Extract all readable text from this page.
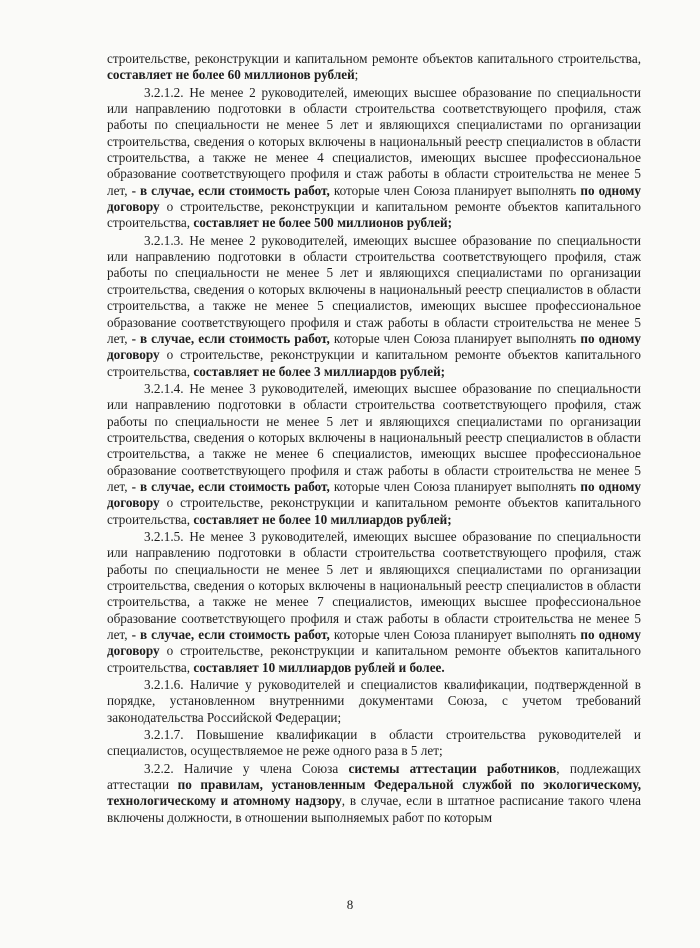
строительстве, реконструкции и капитальном ремонте объектов капитального строительства, составляет не более 60 миллионов рублей;

3.2.1.2. Не менее 2 руководителей, имеющих высшее образование по специальности или направлению подготовки в области строительства соответствующего профиля, стаж работы по специальности не менее 5 лет и являющихся специалистами по организации строительства, сведения о которых включены в национальный реестр специалистов в области строительства, а также не менее 4 специалистов, имеющих высшее профессиональное образование соответствующего профиля и стаж работы в области строительства не менее 5 лет, - в случае, если стоимость работ, которые член Союза планирует выполнять по одному договору о строительстве, реконструкции и капитальном ремонте объектов капитального строительства, составляет не более 500 миллионов рублей;

3.2.1.3. Не менее 2 руководителей, имеющих высшее образование по специальности или направлению подготовки в области строительства соответствующего профиля, стаж работы по специальности не менее 5 лет и являющихся специалистами по организации строительства, сведения о которых включены в национальный реестр специалистов в области строительства, а также не менее 5 специалистов, имеющих высшее профессиональное образование соответствующего профиля и стаж работы в области строительства не менее 5 лет, - в случае, если стоимость работ, которые член Союза планирует выполнять по одному договору о строительстве, реконструкции и капитальном ремонте объектов капитального строительства, составляет не более 3 миллиардов рублей;

3.2.1.4. Не менее 3 руководителей, имеющих высшее образование по специальности или направлению подготовки в области строительства соответствующего профиля, стаж работы по специальности не менее 5 лет и являющихся специалистами по организации строительства, сведения о которых включены в национальный реестр специалистов в области строительства, а также не менее 6 специалистов, имеющих высшее профессиональное образование соответствующего профиля и стаж работы в области строительства не менее 5 лет, - в случае, если стоимость работ, которые член Союза планирует выполнять по одному договору о строительстве, реконструкции и капитальном ремонте объектов капитального строительства, составляет не более 10 миллиардов рублей;

3.2.1.5. Не менее 3 руководителей, имеющих высшее образование по специальности или направлению подготовки в области строительства соответствующего профиля, стаж работы по специальности не менее 5 лет и являющихся специалистами по организации строительства, сведения о которых включены в национальный реестр специалистов в области строительства, а также не менее 7 специалистов, имеющих высшее профессиональное образование соответствующего профиля и стаж работы в области строительства не менее 5 лет, - в случае, если стоимость работ, которые член Союза планирует выполнять по одному договору о строительстве, реконструкции и капитальном ремонте объектов капитального строительства, составляет 10 миллиардов рублей и более.

3.2.1.6. Наличие у руководителей и специалистов квалификации, подтвержденной в порядке, установленном внутренними документами Союза, с учетом требований законодательства Российской Федерации;

3.2.1.7. Повышение квалификации в области строительства руководителей и специалистов, осуществляемое не реже одного раза в 5 лет;

3.2.2. Наличие у члена Союза системы аттестации работников, подлежащих аттестации по правилам, установленным Федеральной службой по экологическому, технологическому и атомному надзору, в случае, если в штатное расписание такого члена включены должности, в отношении выполняемых работ по которым

8
